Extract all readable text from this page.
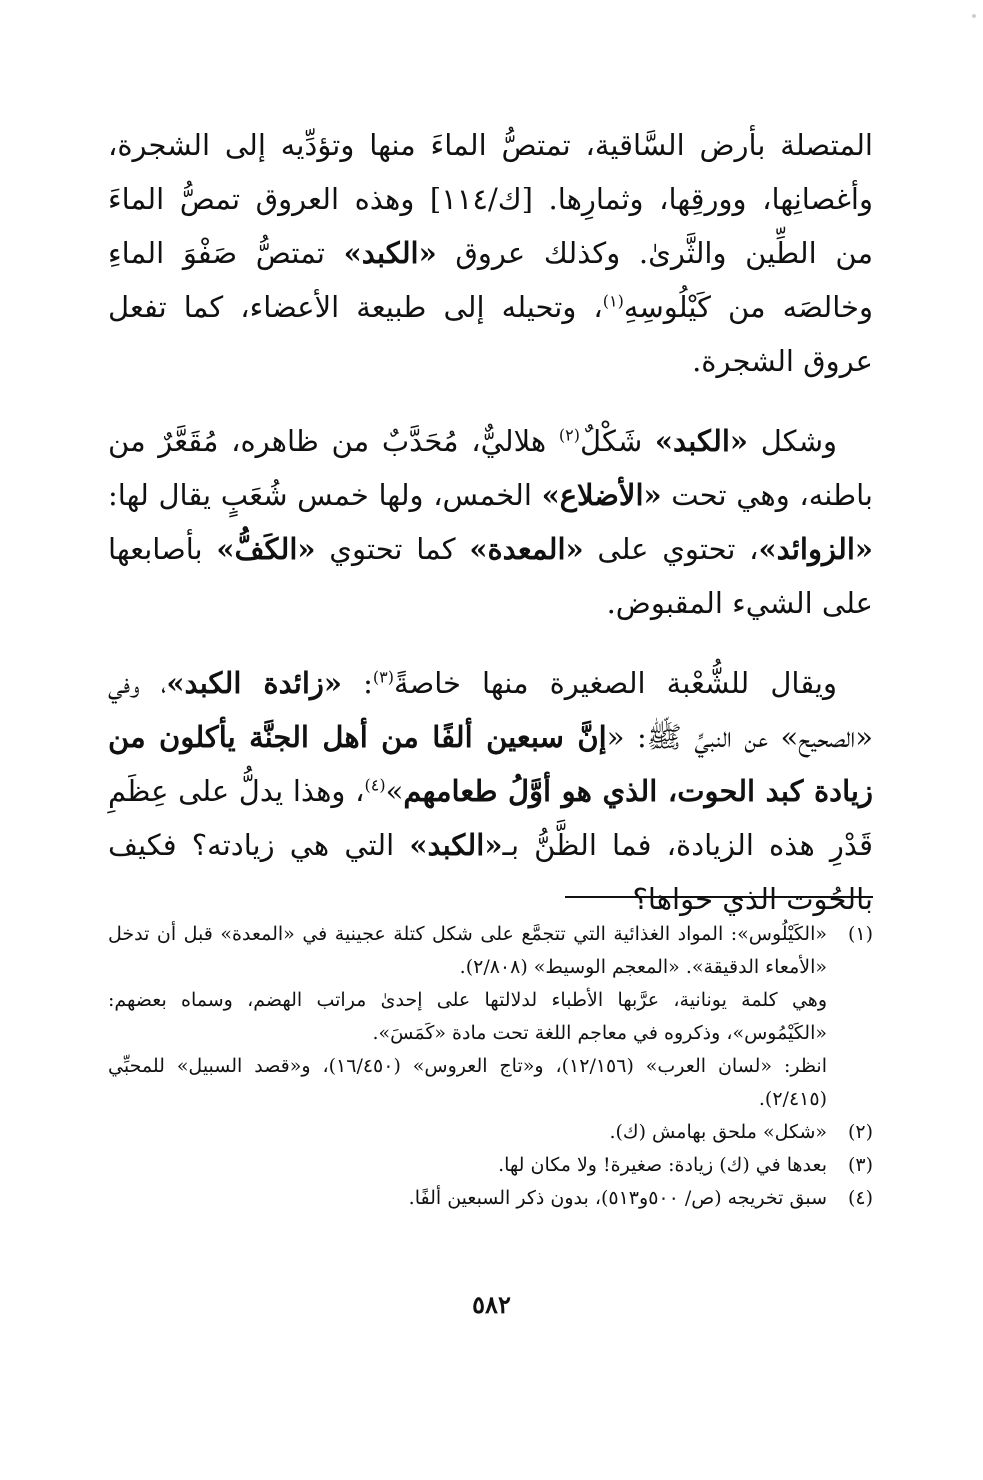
المتصلة بأرض السَّاقية، تمتصُّ الماءَ منها وتؤدِّيه إلى الشجرة، وأغصانِها، وورقِها، وثمارِها. [ك/١١٤] وهذه العروق تمصُّ الماءَ من الطِّين والثَّرىٰ. وكذلك عروق «الكبد» تمتصُّ صَفْوَ الماءِ وخالصَه من كَيْلُوسِهِ$^{(١)}$، وتحيله إلى طبيعة الأعضاء، كما تفعل عروق الشجرة.

وشكل «الكبد» شَكْلٌ$^{(٢)}$ هلاليٌّ، مُحَدَّبٌ من ظاهره، مُقَعَّرٌ من باطنه، وهي تحت «الأضلاع» الخمس، ولها خمس شُعَبٍ يقال لها: «الزوائد»، تحتوي على «المعدة» كما تحتوي «الكَفُّ» بأصابعها على الشيء المقبوض.

ويقال للشُّعْبة الصغيرة منها خاصةً$^{(٣)}$: «زائدة الكبد»، وفي «الصحيح» عن النبيِّ ﷺ: «إنَّ سبعين ألفًا من أهل الجنَّة يأكلون من زيادة كبد الحوت، الذي هو أوَّلُ طعامهم»$^{(٤)}$، وهذا يدلُّ على عِظَمِ قَدْرِ هذه الزيادة، فما الظَّنُّ بـ«الكبد» التي هي زيادته؟ فكيف بالحُوت الذي حواها؟

(١)
«الكَيْلُوس»: المواد الغذائية التي تتجمَّع على شكل كتلة عجينية في «المعدة» قبل أن تدخل «الأمعاء الدقيقة». «المعجم الوسيط» (٢/٨٠٨).
وهي كلمة يونانية، عرَّبها الأطباء لدلالتها على إحدىٰ مراتب الهضم، وسماه بعضهم: «الكَيْمُوس»، وذكروه في معاجم اللغة تحت مادة «كَمَسَ».
انظر: «لسان العرب» (١٢/١٥٦)، و«تاج العروس» (١٦/٤٥٠)، و«قصد السبيل» للمحبِّي (٢/٤١٥).
(٢)
«شكل» ملحق بهامش (ك).
(٣)
بعدها في (ك) زيادة: صغيرة! ولا مكان لها.
(٤)
سبق تخريجه (ص/ ٥٠٠و٥١٣)، بدون ذكر السبعين ألفًا.
٥٨٢
